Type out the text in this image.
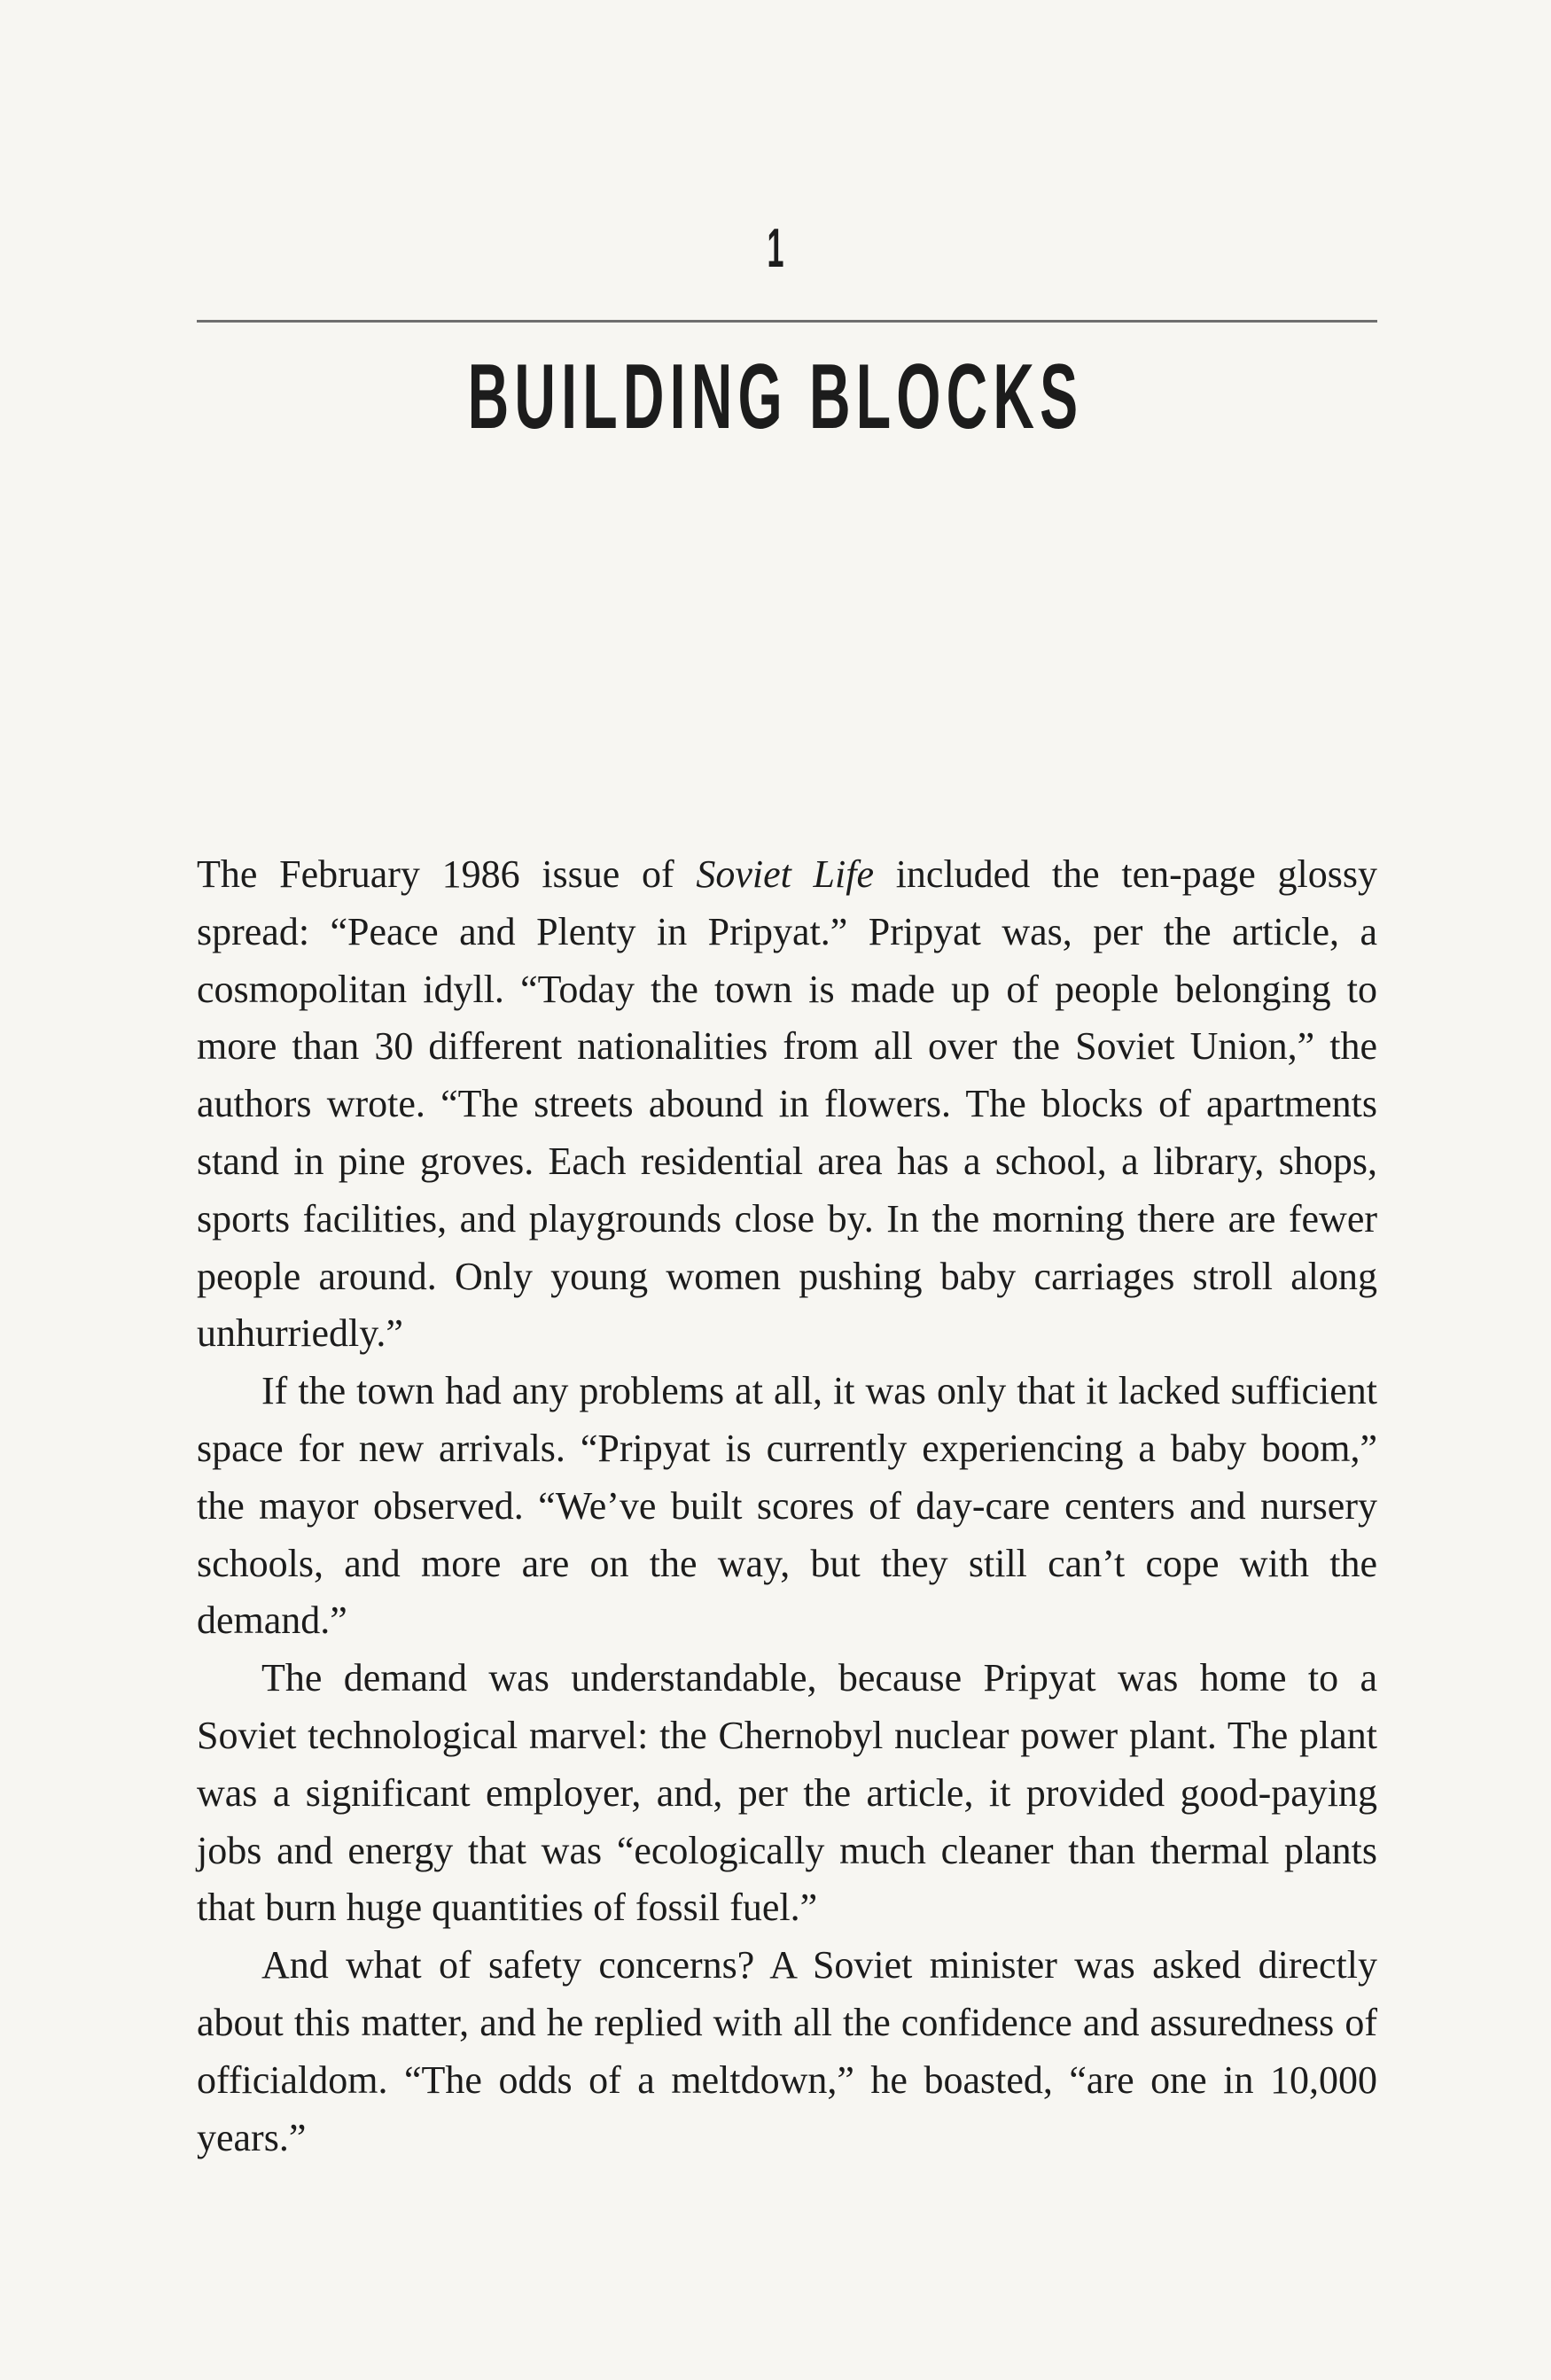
1
BUILDING BLOCKS

The February 1986 issue of Soviet Life included the ten-page glossy spread: “Peace and Plenty in Pripyat.” Pripyat was, per the article, a cosmopolitan idyll. “Today the town is made up of people belonging to more than 30 different nationalities from all over the Soviet Union,” the authors wrote. “The streets abound in flowers. The blocks of apartments stand in pine groves. Each residential area has a school, a library, shops, sports facilities, and playgrounds close by. In the morning there are fewer people around. Only young women pushing baby carriages stroll along unhurriedly.”

If the town had any problems at all, it was only that it lacked sufficient space for new arrivals. “Pripyat is currently experiencing a baby boom,” the mayor observed. “We’ve built scores of day-care centers and nursery schools, and more are on the way, but they still can’t cope with the demand.”

The demand was understandable, because Pripyat was home to a Soviet technological marvel: the Chernobyl nuclear power plant. The plant was a significant employer, and, per the article, it provided good-paying jobs and energy that was “ecologically much cleaner than thermal plants that burn huge quantities of fossil fuel.”

And what of safety concerns? A Soviet minister was asked directly about this matter, and he replied with all the confidence and assuredness of officialdom. “The odds of a meltdown,” he boasted, “are one in 10,000 years.”
